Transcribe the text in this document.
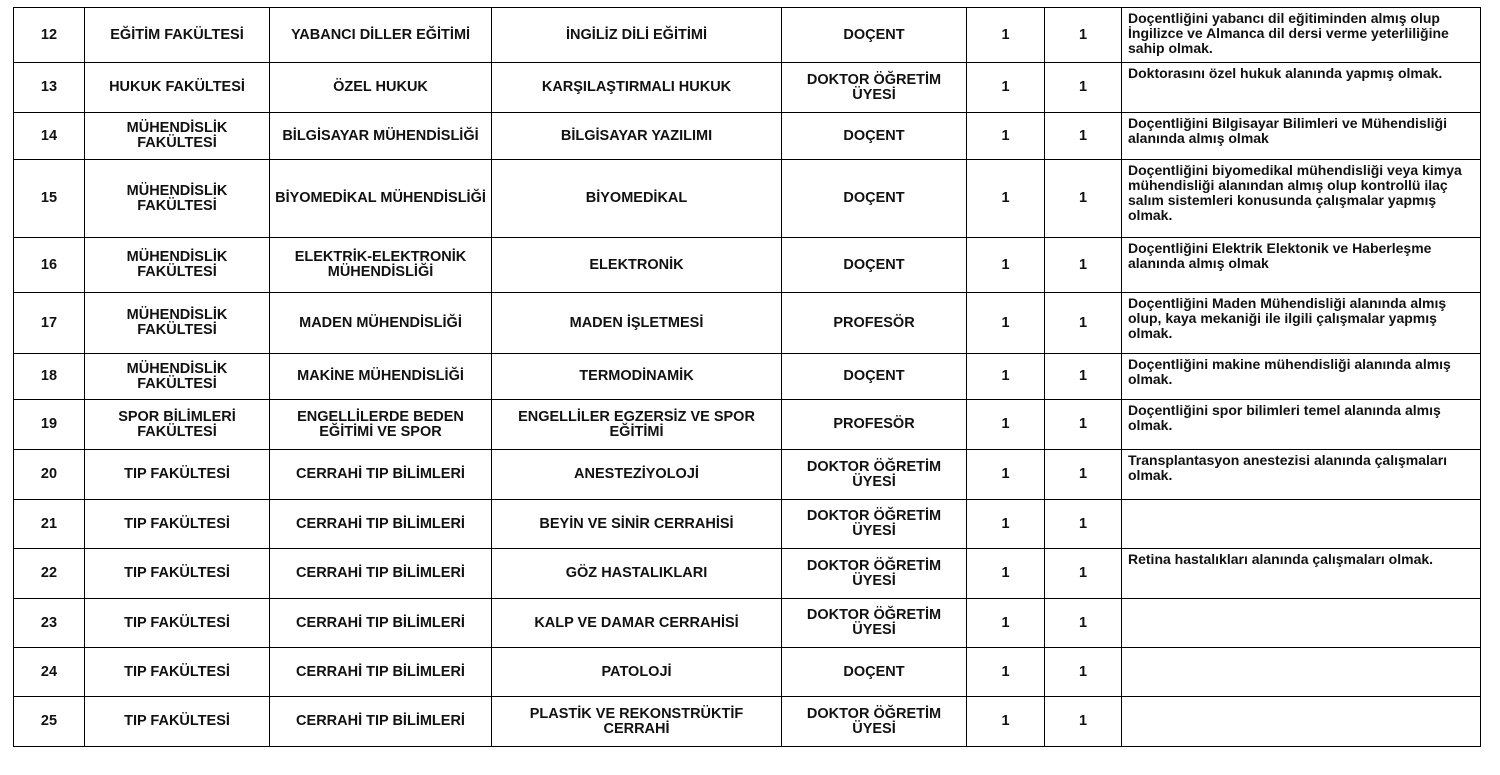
12	EĞİTİM FAKÜLTESİ	YABANCI DİLLER EĞİTİMİ	İNGİLİZ DİLİ EĞİTİMİ	DOÇENT	1	1	Doçentliğini yabancı dil eğitiminden almış olup İngilizce ve Almanca dil dersi verme yeterliliğine sahip olmak.
13	HUKUK FAKÜLTESİ	ÖZEL HUKUK	KARŞILAŞTIRMALI HUKUK	DOKTOR ÖĞRETİM ÜYESİ	1	1	Doktorasını özel hukuk alanında yapmış olmak.
14	MÜHENDİSLİK FAKÜLTESİ	BİLGİSAYAR MÜHENDİSLİĞİ	BİLGİSAYAR YAZILIMI	DOÇENT	1	1	Doçentliğini Bilgisayar Bilimleri ve Mühendisliği alanında almış olmak
15	MÜHENDİSLİK FAKÜLTESİ	BİYOMEDİKAL MÜHENDİSLİĞİ	BİYOMEDİKAL	DOÇENT	1	1	Doçentliğini biyomedikal mühendisliği veya kimya mühendisliği alanından almış olup kontrollü ilaç salım sistemleri konusunda çalışmalar yapmış olmak.
16	MÜHENDİSLİK FAKÜLTESİ	ELEKTRİK-ELEKTRONİK MÜHENDİSLİĞİ	ELEKTRONİK	DOÇENT	1	1	Doçentliğini Elektrik Elektonik ve Haberleşme alanında almış olmak
17	MÜHENDİSLİK FAKÜLTESİ	MADEN MÜHENDİSLİĞİ	MADEN İŞLETMESİ	PROFESÖR	1	1	Doçentliğini Maden Mühendisliği alanında almış olup, kaya mekaniği ile ilgili çalışmalar yapmış olmak.
18	MÜHENDİSLİK FAKÜLTESİ	MAKİNE MÜHENDİSLİĞİ	TERMODİNAMİK	DOÇENT	1	1	Doçentliğini makine mühendisliği alanında almış olmak.
19	SPOR BİLİMLERİ FAKÜLTESİ	ENGELLİLERDE BEDEN EĞİTİMİ VE SPOR	ENGELLİLER EGZERSİZ VE SPOR EĞİTİMİ	PROFESÖR	1	1	Doçentliğini spor bilimleri temel alanında almış olmak.
20	TIP FAKÜLTESİ	CERRAHİ TIP BİLİMLERİ	ANESTEZİYOLOJİ	DOKTOR ÖĞRETİM ÜYESİ	1	1	Transplantasyon anestezisi alanında çalışmaları olmak.
21	TIP FAKÜLTESİ	CERRAHİ TIP BİLİMLERİ	BEYİN VE SİNİR CERRAHİSİ	DOKTOR ÖĞRETİM ÜYESİ	1	1	
22	TIP FAKÜLTESİ	CERRAHİ TIP BİLİMLERİ	GÖZ HASTALIKLARI	DOKTOR ÖĞRETİM ÜYESİ	1	1	Retina hastalıkları alanında çalışmaları olmak.
23	TIP FAKÜLTESİ	CERRAHİ TIP BİLİMLERİ	KALP VE DAMAR CERRAHİSİ	DOKTOR ÖĞRETİM ÜYESİ	1	1	
24	TIP FAKÜLTESİ	CERRAHİ TIP BİLİMLERİ	PATOLOJİ	DOÇENT	1	1	
25	TIP FAKÜLTESİ	CERRAHİ TIP BİLİMLERİ	PLASTİK VE REKONSTRÜKTİF CERRAHİ	DOKTOR ÖĞRETİM ÜYESİ	1	1	
